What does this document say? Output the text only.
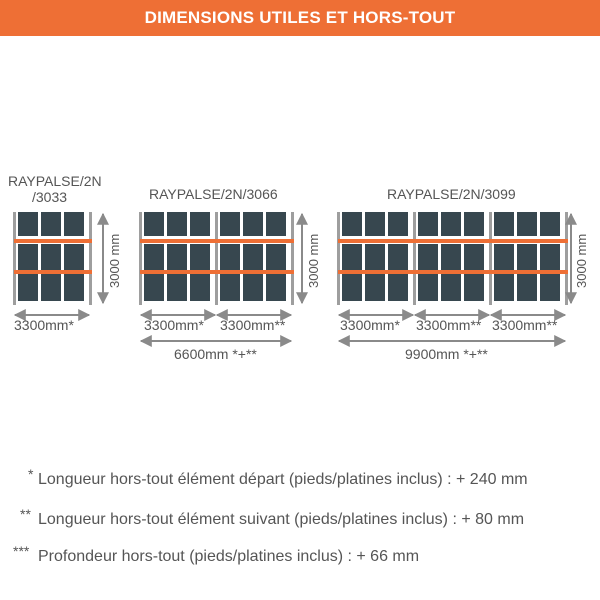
DIMENSIONS UTILES ET HORS-TOUT
RAYPALSE/2N
/3033
3000 mm
3300mm*
RAYPALSE/2N/3066
3000 mm
3300mm* 3300mm**
6600mm *+**
RAYPALSE/2N/3099
3000 mm
3300mm* 3300mm** 3300mm**
9900mm *+**
* Longueur hors-tout élément départ (pieds/platines inclus) : + 240 mm
** Longueur hors-tout élément suivant (pieds/platines inclus) : + 80 mm
*** Profondeur hors-tout (pieds/platines inclus) : + 66 mm
